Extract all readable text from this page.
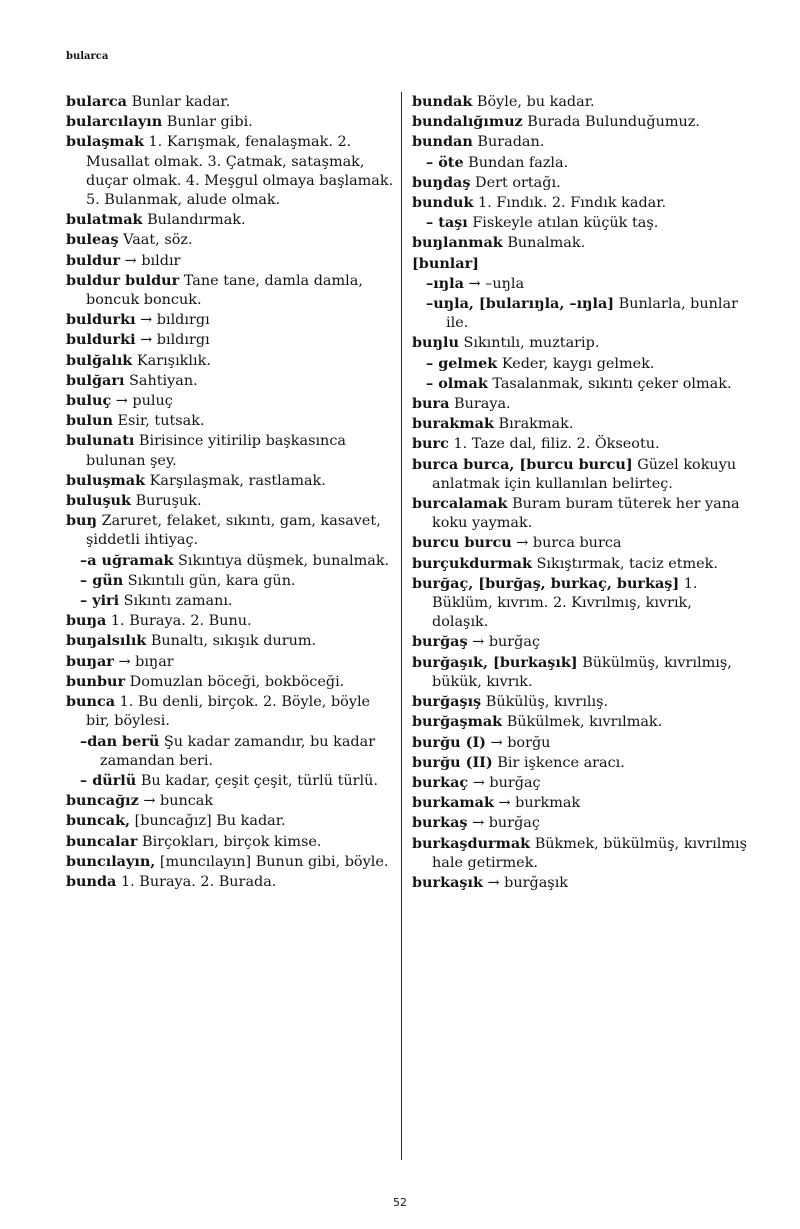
bularca

bularca Bunlar kadar.

bularcılayın Bunlar gibi.

bulaşmak 1. Karışmak, fenalaşmak. 2. Musallat olmak. 3. Çatmak, sataşmak, duçar olmak. 4. Meşgul olmaya başlamak. 5. Bulanmak, alude olmak.

bulatmak Bulandırmak.

buleaş Vaat, söz.

buldur → bıldır

buldur buldur Tane tane, damla damla, boncuk boncuk.

buldurkı → bıldırgı

buldurki → bıldırgı

bulğalık Karışıklık.

bulğarı Sahtiyan.

buluç → puluç

bulun Esir, tutsak.

bulunatı Birisince yitirilip başkasınca bulunan şey.

buluşmak Karşılaşmak, rastlamak.

buluşuk Buruşuk.

buŋ Zaruret, felaket, sıkıntı, gam, kasavet, şiddetli ihtiyaç.

–a uğramak Sıkıntıya düşmek, bunalmak.

– gün Sıkıntılı gün, kara gün.

– yiri Sıkıntı zamanı.

buŋa 1. Buraya. 2. Bunu.

buŋalsılık Bunaltı, sıkışık durum.

buŋar → bıŋar

bunbur Domuzlan böceği, bokböceği.

bunca 1. Bu denli, birçok. 2. Böyle, böyle bir, böylesi.

–dan berü Şu kadar zamandır, bu kadar zamandan beri.

– dürlü Bu kadar, çeşit çeşit, türlü türlü.

buncağız → buncak

buncak, [buncağız] Bu kadar.

buncalar Birçokları, birçok kimse.

buncılayın, [muncılayın] Bunun gibi, böyle.

bunda 1. Buraya. 2. Burada.

bundak Böyle, bu kadar.

bundalığımuz Burada Bulunduğumuz.

bundan Buradan.

– öte Bundan fazla.

buŋdaş Dert ortağı.

bunduk 1. Fındık. 2. Fındık kadar.

– taşı Fiskeyle atılan küçük taş.

buŋlanmak Bunalmak.

[bunlar]

–ıŋla → –uŋla

–uŋla, [bularıŋla, –ıŋla] Bunlarla, bunlar ile.

buŋlu Sıkıntılı, muztarip.

– gelmek Keder, kaygı gelmek.

– olmak Tasalanmak, sıkıntı çeker olmak.

bura Buraya.

burakmak Bırakmak.

burc 1. Taze dal, filiz. 2. Ökseotu.

burca burca, [burcu burcu] Güzel kokuyu anlatmak için kullanılan belirteç.

burcalamak Buram buram tüterek her yana koku yaymak.

burcu burcu → burca burca

burçukdurmak Sıkıştırmak, taciz etmek.

burğaç, [burğaş, burkaç, burkaş] 1. Büklüm, kıvrım. 2. Kıvrılmış, kıvrık, dolaşık.

burğaş → burğaç

burğaşık, [burkaşık] Bükülmüş, kıvrılmış, bükük, kıvrık.

burğaşış Bükülüş, kıvrılış.

burğaşmak Bükülmek, kıvrılmak.

burğu (I) → borğu

burğu (II) Bir işkence aracı.

burkaç → burğaç

burkamak → burkmak

burkaş → burğaç

burkaşdurmak Bükmek, bükülmüş, kıvrılmış hale getirmek.

burkaşık → burğaşık

52
